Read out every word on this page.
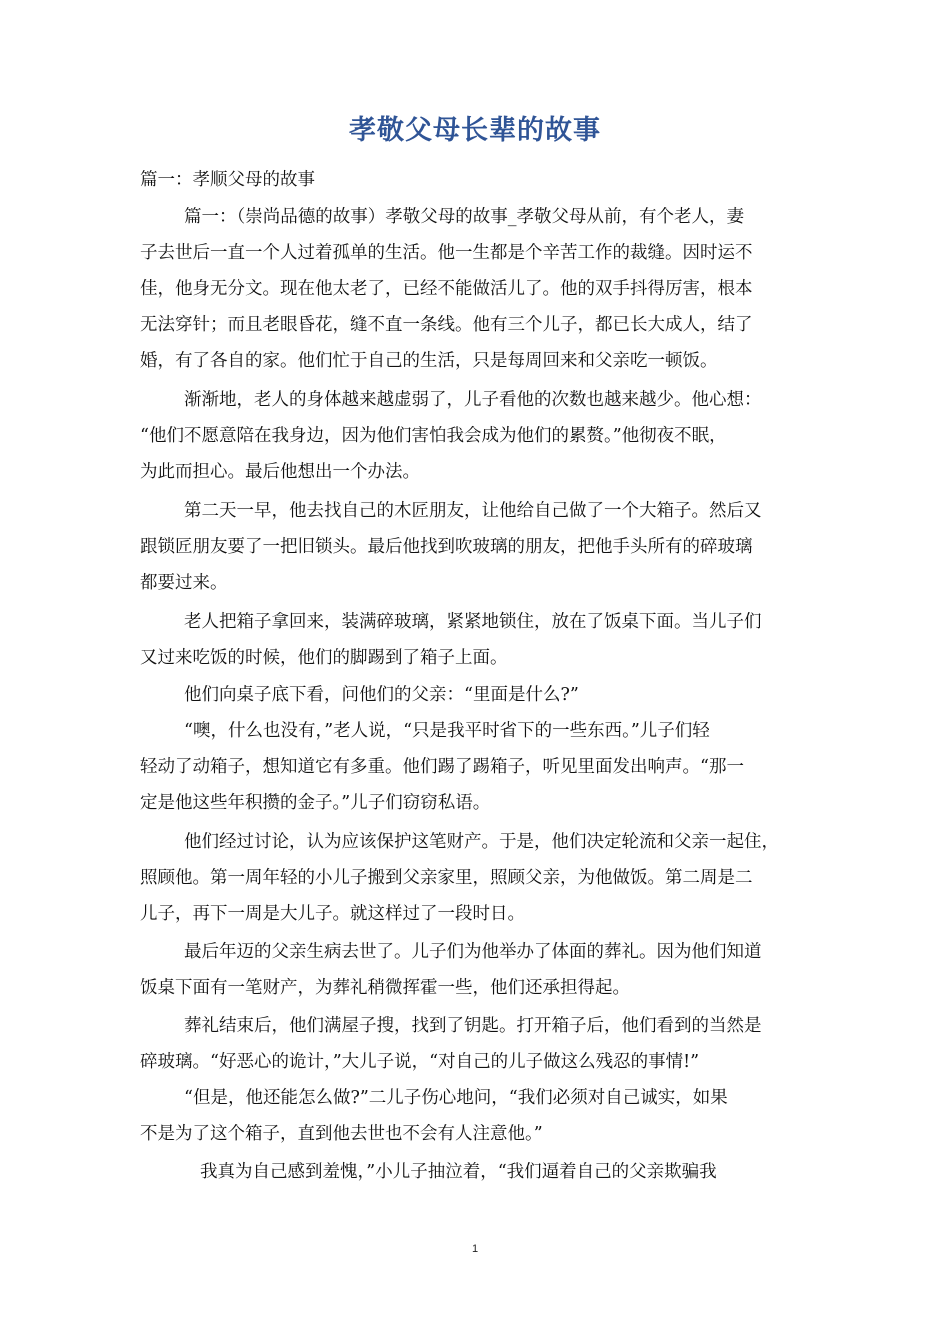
孝敬父母长辈的故事
篇一：孝顺父母的故事
篇一：（崇尚品德的故事）孝敬父母的故事_孝敬父母从前，有个老人，妻
子去世后一直一个人过着孤单的生活。他一生都是个辛苦工作的裁缝。因时运不
佳，他身无分文。现在他太老了，已经不能做活儿了。他的双手抖得厉害，根本
无法穿针；而且老眼昏花，缝不直一条线。他有三个儿子，都已长大成人，结了
婚，有了各自的家。他们忙于自己的生活，只是每周回来和父亲吃一顿饭。
渐渐地，老人的身体越来越虚弱了，儿子看他的次数也越来越少。他心想：
“他们不愿意陪在我身边，因为他们害怕我会成为他们的累赘。”他彻夜不眠，
为此而担心。最后他想出一个办法。
第二天一早，他去找自己的木匠朋友，让他给自己做了一个大箱子。然后又
跟锁匠朋友要了一把旧锁头。最后他找到吹玻璃的朋友，把他手头所有的碎玻璃
都要过来。
老人把箱子拿回来，装满碎玻璃，紧紧地锁住，放在了饭桌下面。当儿子们
又过来吃饭的时候，他们的脚踢到了箱子上面。
他们向桌子底下看，问他们的父亲：“里面是什么?”
“噢，什么也没有，”老人说，“只是我平时省下的一些东西。”儿子们轻
轻动了动箱子，想知道它有多重。他们踢了踢箱子，听见里面发出响声。“那一
定是他这些年积攒的金子。”儿子们窃窃私语。
他们经过讨论，认为应该保护这笔财产。于是，他们决定轮流和父亲一起住，
照顾他。第一周年轻的小儿子搬到父亲家里，照顾父亲，为他做饭。第二周是二
儿子，再下一周是大儿子。就这样过了一段时日。
最后年迈的父亲生病去世了。儿子们为他举办了体面的葬礼。因为他们知道
饭桌下面有一笔财产，为葬礼稍微挥霍一些，他们还承担得起。
葬礼结束后，他们满屋子搜，找到了钥匙。打开箱子后，他们看到的当然是
碎玻璃。“好恶心的诡计，”大儿子说，“对自己的儿子做这么残忍的事情!”
“但是，他还能怎么做?”二儿子伤心地问，“我们必须对自己诚实，如果
不是为了这个箱子，直到他去世也不会有人注意他。”
我真为自己感到羞愧，”小儿子抽泣着，“我们逼着自己的父亲欺骗我
1
